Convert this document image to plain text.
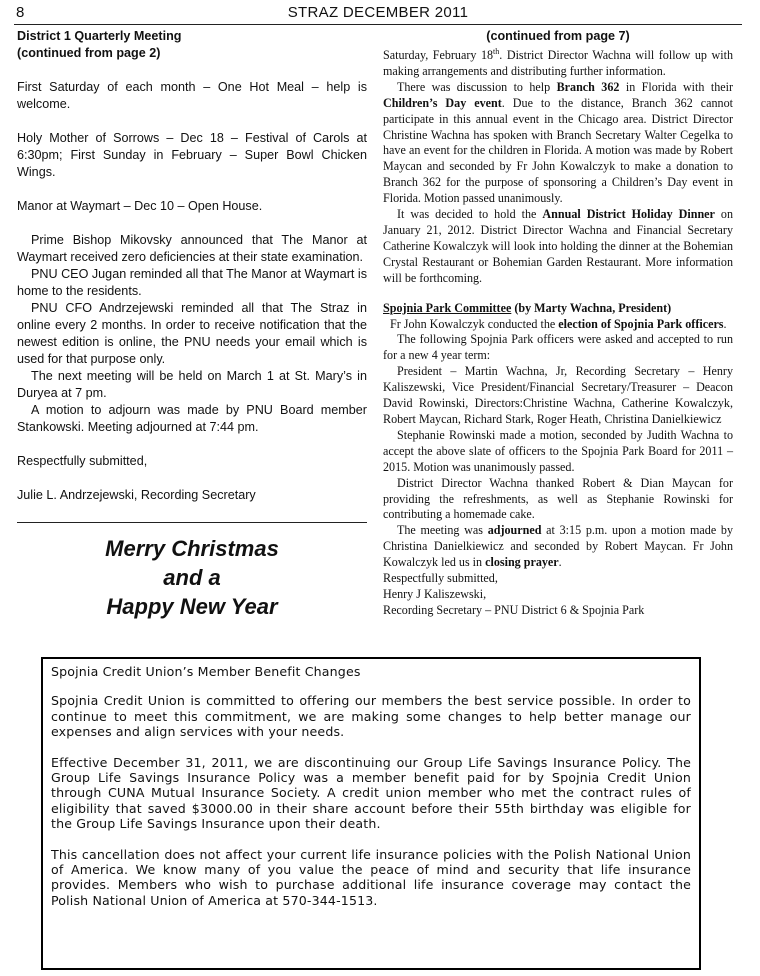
8	STRAZ DECEMBER 2011

District 1 Quarterly Meeting

(continued from page 2)

First Saturday of each month – One Hot Meal – help is welcome.

Holy Mother of Sorrows – Dec 18 – Festival of Carols at 6:30pm; First Sunday in February – Super Bowl Chicken Wings.

Manor at Waymart – Dec 10 – Open House.

Prime Bishop Mikovsky announced that The Manor at Waymart received zero deficiencies at their state examination.

PNU CEO Jugan reminded all that The Manor at Waymart is home to the residents.

PNU CFO Andrzejewski reminded all that The Straz in online every 2 months. In order to receive notification that the newest edition is online, the PNU needs your email which is used for that purpose only.

The next meeting will be held on March 1 at St. Mary’s in Duryea at 7 pm.

A motion to adjourn was made by PNU Board member Stankowski. Meeting adjourned at 7:44 pm.

Respectfully submitted,

Julie L. Andrzejewski, Recording Secretary

Merry Christmas
and a
Happy New Year

(continued from page 7)

Saturday, February 18th. District Director Wachna will follow up with making arrangements and distributing further information.

There was discussion to help Branch 362 in Florida with their Children’s Day event. Due to the distance, Branch 362 cannot participate in this annual event in the Chicago area. District Director Christine Wachna has spoken with Branch Secretary Walter Cegelka to have an event for the children in Florida. A motion was made by Robert Maycan and seconded by Fr John Kowalczyk to make a donation to Branch 362 for the purpose of sponsoring a Children’s Day event in Florida. Motion passed unanimously.

It was decided to hold the Annual District Holiday Dinner on January 21, 2012. District Director Wachna and Financial Secretary Catherine Kowalczyk will look into holding the dinner at the Bohemian Crystal Restaurant or Bohemian Garden Restaurant. More information will be forthcoming.

Spojnia Park Committee (by Marty Wachna, President)

Fr John Kowalczyk conducted the election of Spojnia Park officers.

The following Spojnia Park officers were asked and accepted to run for a new 4 year term:

President – Martin Wachna, Jr, Recording Secretary – Henry Kaliszewski, Vice President/Financial Secretary/Treasurer – Deacon David Rowinski, Directors:Christine Wachna, Catherine Kowalczyk, Robert Maycan, Richard Stark, Roger Heath, Christina Danielkiewicz

Stephanie Rowinski made a motion, seconded by Judith Wachna to accept the above slate of officers to the Spojnia Park Board for 2011 – 2015. Motion was unanimously passed.

District Director Wachna thanked Robert & Dian Maycan for providing the refreshments, as well as Stephanie Rowinski for contributing a homemade cake.

The meeting was adjourned at 3:15 p.m. upon a motion made by Christina Danielkiewicz and seconded by Robert Maycan. Fr John Kowalczyk led us in closing prayer.

Respectfully submitted,

Henry J Kaliszewski,

Recording Secretary – PNU District 6 & Spojnia Park

Spojnia Credit Union’s Member Benefit Changes

Spojnia Credit Union is committed to offering our members the best service possible. In order to continue to meet this commitment, we are making some changes to help better manage our expenses and align services with your needs.

Effective December 31, 2011, we are discontinuing our Group Life Savings Insurance Policy. The Group Life Savings Insurance Policy was a member benefit paid for by Spojnia Credit Union through CUNA Mutual Insurance Society. A credit union member who met the contract rules of eligibility that saved $3000.00 in their share account before their 55th birthday was eligible for the Group Life Savings Insurance upon their death.

This cancellation does not affect your current life insurance policies with the Polish National Union of America. We know many of you value the peace of mind and security that life insurance provides. Members who wish to purchase additional life insurance coverage may contact the Polish National Union of America at 570-344-1513.
